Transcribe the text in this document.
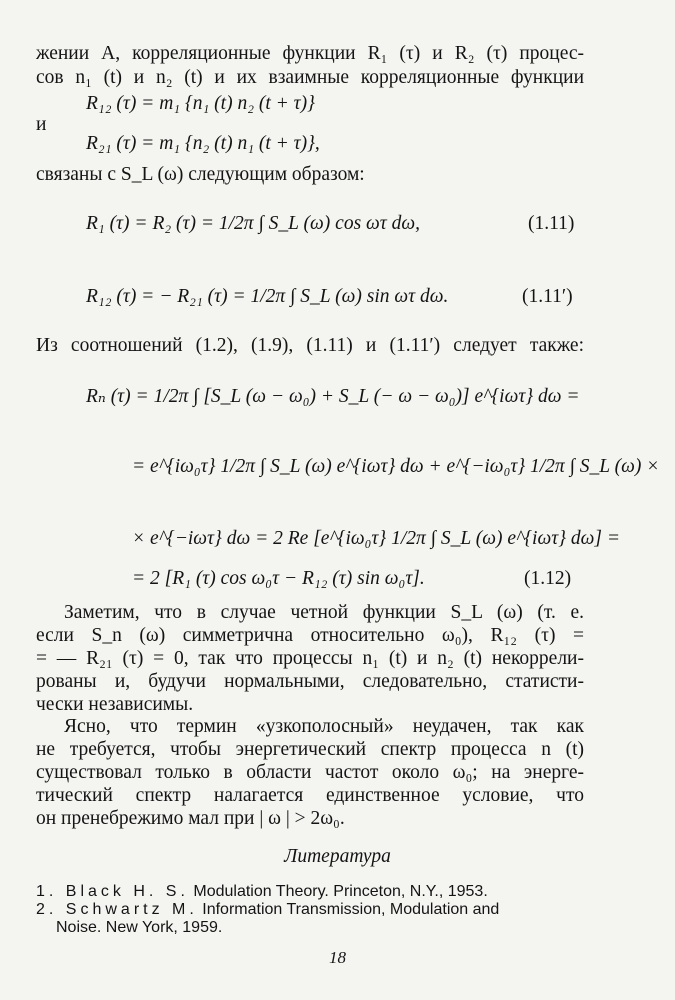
жении A, корреляционные функции R₁ (τ) и R₂ (τ) процес-
сов n₁ (t) и n₂ (t) и их взаимные корреляционные функции
R₁₂ (τ) = m₁ {n₁ (t) n₂ (t + τ)}
и
R₂₁ (τ) = m₁ {n₂ (t) n₁ (t + τ)},
связаны с S_L (ω) следующим образом:
R₁ (τ) = R₂ (τ) = 1/2π ∫ S_L (ω) cos ωτ dω,	(1.11)
R₁₂ (τ) = − R₂₁ (τ) = 1/2π ∫ S_L (ω) sin ωτ dω.	(1.11′)
Из соотношений (1.2), (1.9), (1.11) и (1.11′) следует также:
Rₙ (τ) = 1/2π ∫ [S_L (ω − ω₀) + S_L (− ω − ω₀)] e^{iωτ} dω =
= e^{iω₀τ} 1/2π ∫ S_L (ω) e^{iωτ} dω + e^{−iω₀τ} 1/2π ∫ S_L (ω) ×
× e^{−iωτ} dω = 2 Re [e^{iω₀τ} 1/2π ∫ S_L (ω) e^{iωτ} dω] =
= 2 [R₁ (τ) cos ω₀τ − R₁₂ (τ) sin ω₀τ].	(1.12)
Заметим, что в случае четной функции S_L (ω) (т. е.
если S_n (ω) симметрична относительно ω₀), R₁₂ (τ) =
= — R₂₁ (τ) = 0, так что процессы n₁ (t) и n₂ (t) некоррели-
рованы и, будучи нормальными, следовательно, статисти-
чески независимы.
Ясно, что термин «узкополосный» неудачен, так как
не требуется, чтобы энергетический спектр процесса n (t)
существовал только в области частот около ω₀; на энерге-
тический спектр налагается единственное условие, что
он пренебрежимо мал при | ω | > 2ω₀.
Литература
1. Black H. S. Modulation Theory. Princeton, N.Y., 1953.
2. Schwartz M. Information Transmission, Modulation and
Noise. New York, 1959.
18
